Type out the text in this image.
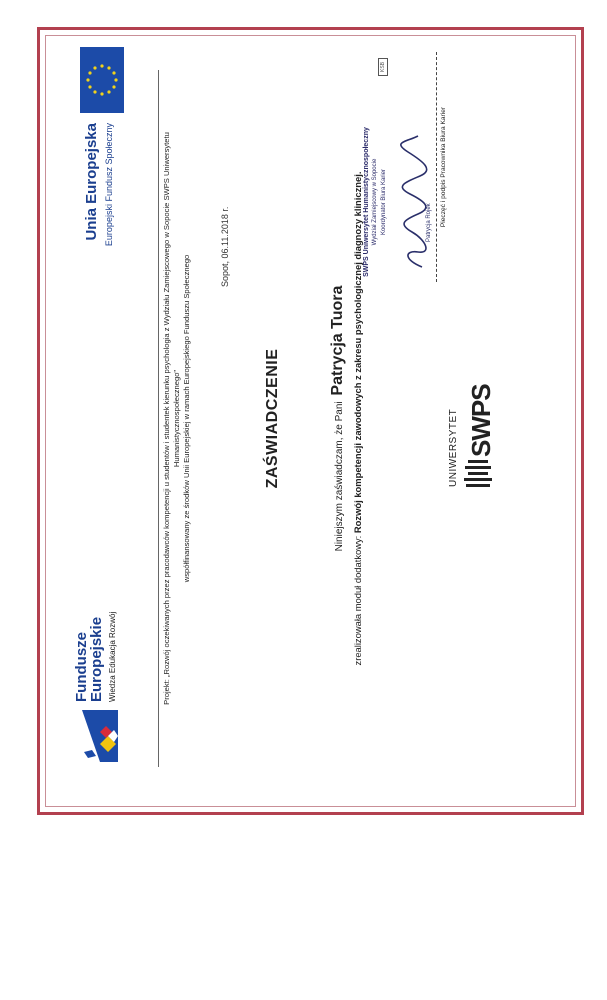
Fundusze
Europejskie Wiedza Edukacja Rozwój
Unia Europejska Europejski Fundusz Społeczny	Projekt: „Rozwój oczekiwanych przez pracodawców kompetencji u studentów i studentek kierunku psychologia z Wydziału Zamiejscowego w Sopocie SWPS Uniwersytetu Humanistycznospołecznego" współfinansowany ze środków Unii Europejskiej w ramach Europejskiego Funduszu Społecznego
Sopot, 06.11.2018 r.
ZAŚWIADCZENIE	Niniejszym zaświadczam, że Pani Patrycja Tuora
zrealizowała moduł dodatkowy: Rozwój kompetencji zawodowych z zakresu psychologicznej diagnozy klinicznej. SWPS Uniwersytet Humanistycznospołeczny Wydział Zamiejscowy w Sopocie Koordynator Biura Karier
KSB
Patrycja Rojek Pieczęć i podpis Pracownika Biura Karier
UNIWERSYTET SWPS
